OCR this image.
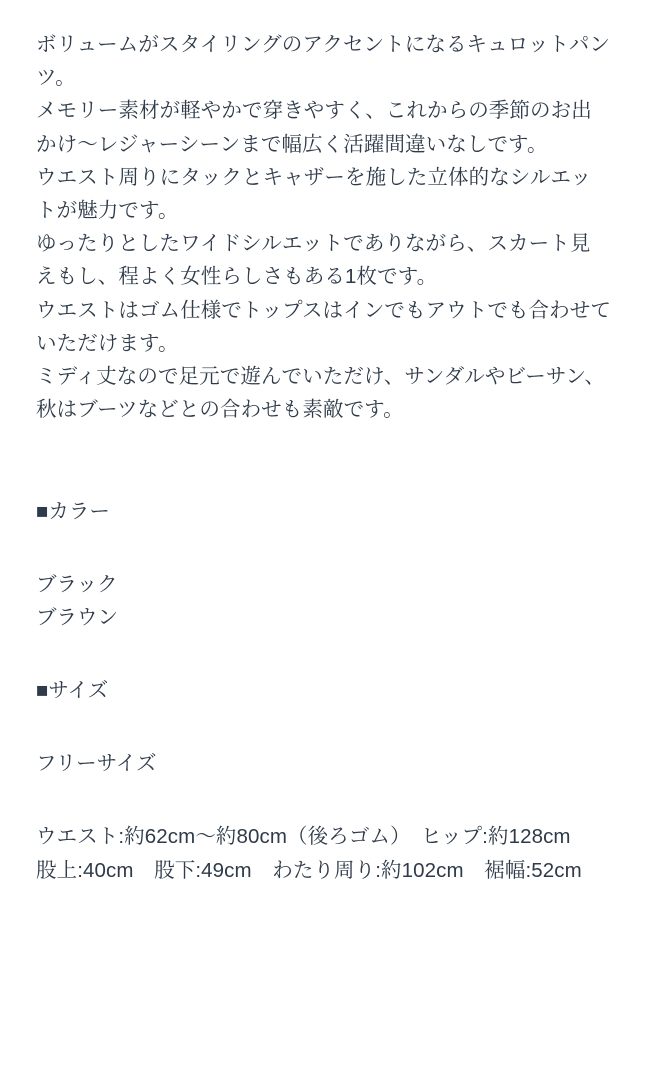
ボリュームがスタイリングのアクセントになるキュロットパンツ。

メモリー素材が軽やかで穿きやすく、これからの季節のお出かけ〜レジャーシーンまで幅広く活躍間違いなしです。

ウエスト周りにタックとキャザーを施した立体的なシルエットが魅力です。

ゆったりとしたワイドシルエットでありながら、スカート見えもし、程よく女性らしさもある1枚です。

ウエストはゴム仕様でトップスはインでもアウトでも合わせていただけます。

ミディ丈なので足元で遊んでいただけ、サンダルやビーサン、秋はブーツなどとの合わせも素敵です。

■カラー
ブラック
ブラウン
■サイズ
フリーサイズ
ウエスト:約62cm〜約80cm（後ろゴム）　ヒップ:約128cm　股上:40cm　股下:49cm　わたり周り:約102cm　裾幅:52cm
